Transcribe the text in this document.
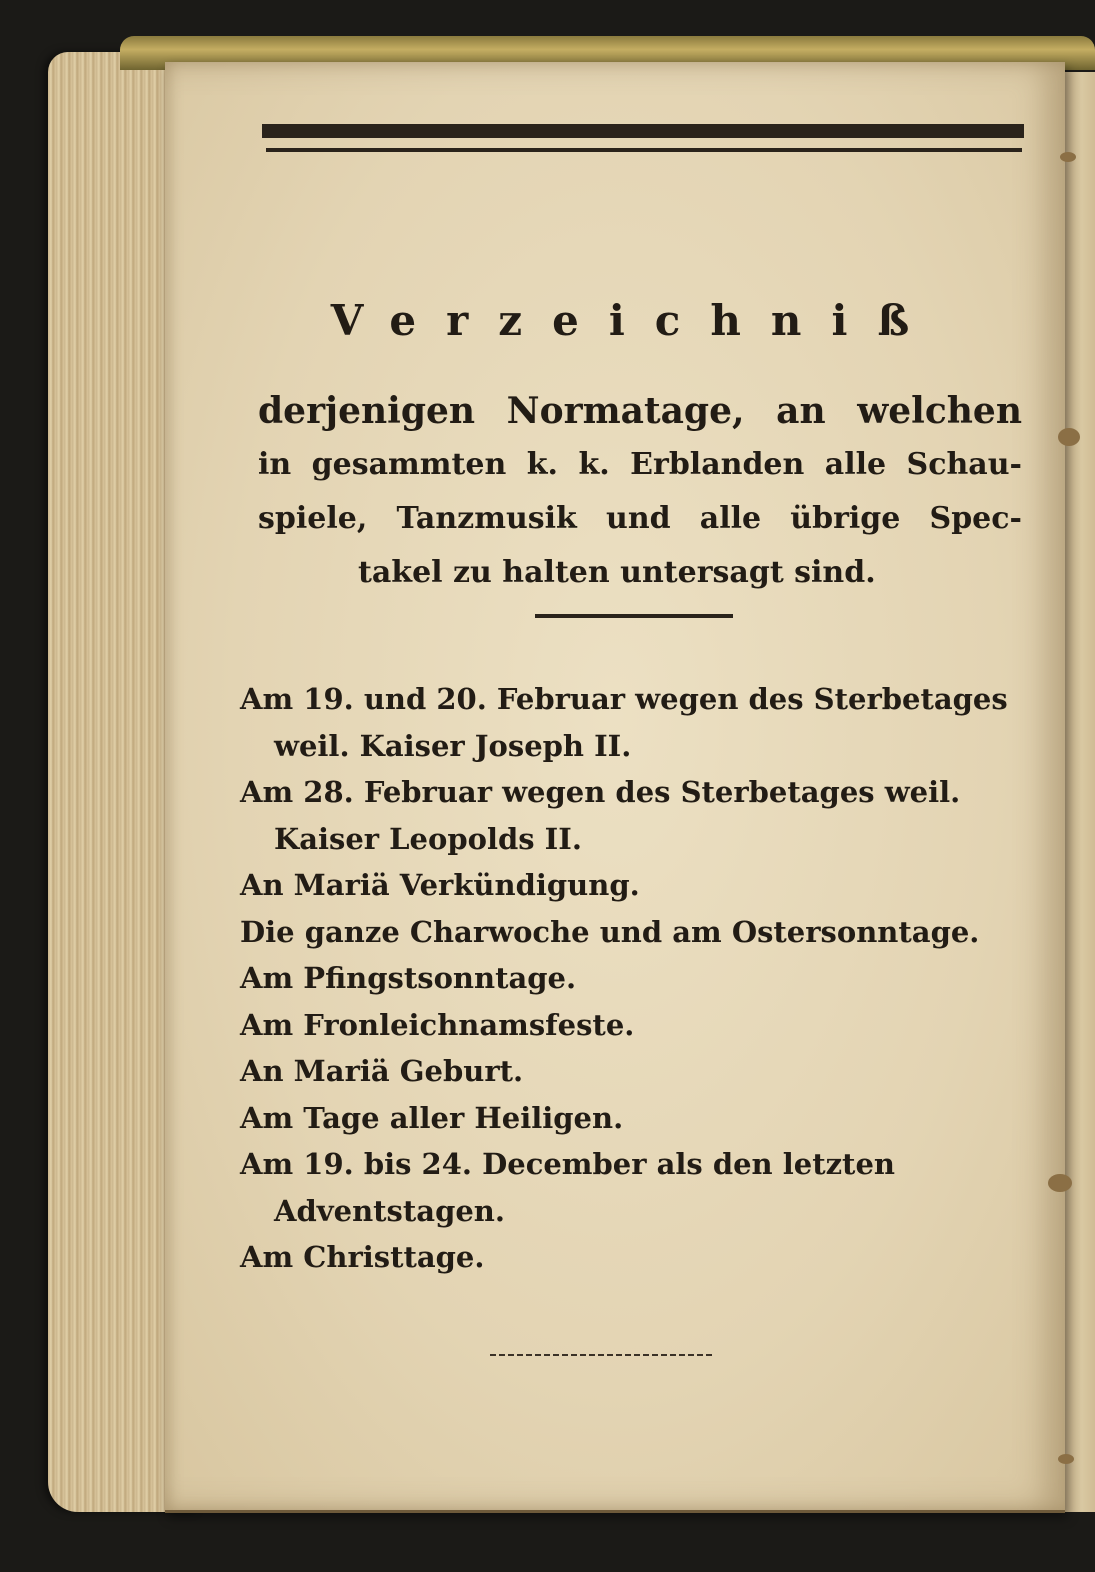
Verzeichniß

derjenigen Normatage, an welchen
in gesammten k. k. Erblanden alle Schau-
spiele, Tanzmusik und alle übrige Spec-
takel zu halten untersagt sind.

Am 19. und 20. Februar wegen des Sterbetages weil. Kaiser Joseph II.
Am 28. Februar wegen des Sterbetages weil. Kaiser Leopolds II.
An Mariä Verkündigung.
Die ganze Charwoche und am Ostersonntage.
Am Pfingstsonntage.
Am Fronleichnamsfeste.
An Mariä Geburt.
Am Tage aller Heiligen.
Am 19. bis 24. December als den letzten Adventstagen.
Am Christtage.
